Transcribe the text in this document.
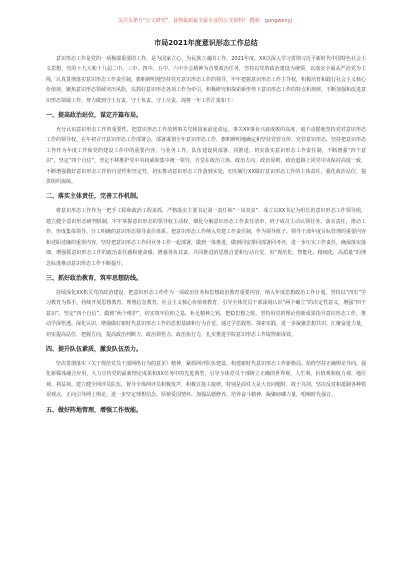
关注头条号“公文研究”，获得最新最全最专业的公文资料！ 搜索：gongwenyj
市局2021年度意识形态工作总结

意识形态工作是党的一项极端重要的工作，是为国家立心、为民族立魂的工作。2021年度，XX以深入学习贯彻习近平新时代中国特色社会主义思想，党的十九大和十九届二中、三中、四中、五中、六中全会精神为首要政治任务，坚持以党的政治建设为统领，以落实全面从严治党为主线，认真贯彻落实意识形态工作责任制，旗帜鲜明地坚持党对意识形态工作的领导，牢牢把握意识形态工作主导权，积极培育和践行社会主义核心价值观，聚焦意识形态领域突出风险，以抓好意识形态各项工作为牵引，积极研究和探索新形势下意识形态工作的特点和规律，不断加强和改进意识形态领域工作，努力做到守土有责、守土负责、守土尽责。现将一年工作汇报如下：

一、提高政治站位，谋定开篇布局。

充分认识意识形态工作的重要性，把意识形态工作放到事关党和国家前途命运、事关XX事业兴衰成败的高度，毫不动摇地坚持党对意识形态工作的领导权。在年初召开意识形态工作部署会，部署谋划全年意识形态工作，旗帜鲜明地确定和坚持党管宣传、党管意识形态，坚持把意识形态工作作为年度工作和党的建设工作中的重要内容，与业务工作、队伍建设同部署、同推进。切实落实意识形态工作责任制，不断增强“四个意识”、坚定“四个自信”，坚定不移维护党中央权威和集中统一领导，自觉在政治立场、政治方向、政治原则、政治道路上同党中央保持高度一致，不断增强做好意识形态工作的自觉性和坚定性，切实推动意识形态工作落到实处，切实履行XX做好意识形态工作的主体责任，强化政治站位，提供组织保障。

二、落实主体责任，完善工作机制。

将意识形态工作作为一把手工程和政治工程来抓，严格落实主要书记第一责任和“一岗双责”，成立以XX书记为组长的意识形态工作领导组，建立健全意识形态研判机制，牢牢掌握意识形态的领导权主动权，细化分解意识形态工作责任清单，班子成员主动认领任务、落实责任，推动工作、形成集体领导、分工明确的意识形态领导责任体系。把意识形态工作纳入党建工作责任制，作为领导班子、领导干部年度目标管理的重要内容和述职述廉的重要内容。坚持把意识形态工作同业务工作一起部署，做到一体推进，做到同安排同部署同考评，进一步压实工作责任，确保落实落细，增强抓意识形态工作的政治责任感和使命感，增强各负其责、共同推进的思想自觉和行动自觉，用“规范化、智能化、精细化、高质量”的理念标准推动意识形态工作不断提升。

三、抓好政治教育，筑牢思想防线。

持续深化XX机关党的政治建设，把意识形态工作作为一项政治任务和思想政治教育重要内容，纳入年度思想政治工作计划。坚持以“四史”学习教育为抓手，持续开展思想教育。理想信念教育、社会主义核心价值观教育，引导全体党员干部深刻认识“两个确立”的决定性意义，增强“四个意识”、坚定“四个自信”、做到“两个维护”，切实筑牢信仰之基、补足精神之钙、把稳思想之舵。坚持用党的理论创新成果指导意识形态工作，推动学深悟透、深化认识，增强做好新时代意识形态工作的思想基础和行为自觉。通过学思践悟、探索实践，进一步凝聚思想共识、汇聚奋进力量，切实提高站位、把握方向，提高政治判断力、政治领悟力、政治执行力，扎实推进学院意识形态工作取得新成效。

四、提升队伍素质，激发队伍活力。

坚决贯彻落实《关于规范党员干部网络行为的意见》精神，紧抓网评队伍建设、构建新时代意识形态工作新格局。始终坚持正确舆论导向，强化新媒体融合应用，大力宣传党的最新理论成果和XX任务中的先进典型，引导全体党员干部树立正确的世界观、人生观、价值观和权力观、地位观、利益观。建立健全网评员队伍，督导全体网评员积极发声，积极宣扬主旋律，特别是面对大是大非问题时，敢于亮剑，坚决反对和抵制各种错误观点，正向引导网上舆论，进一步坚定理想信念、厚植爱国情怀、加强品德修养、培养奋斗精神，凝聚磅礴力量、唱响时代强音。

五、做好阵地管理，增强工作效能。
